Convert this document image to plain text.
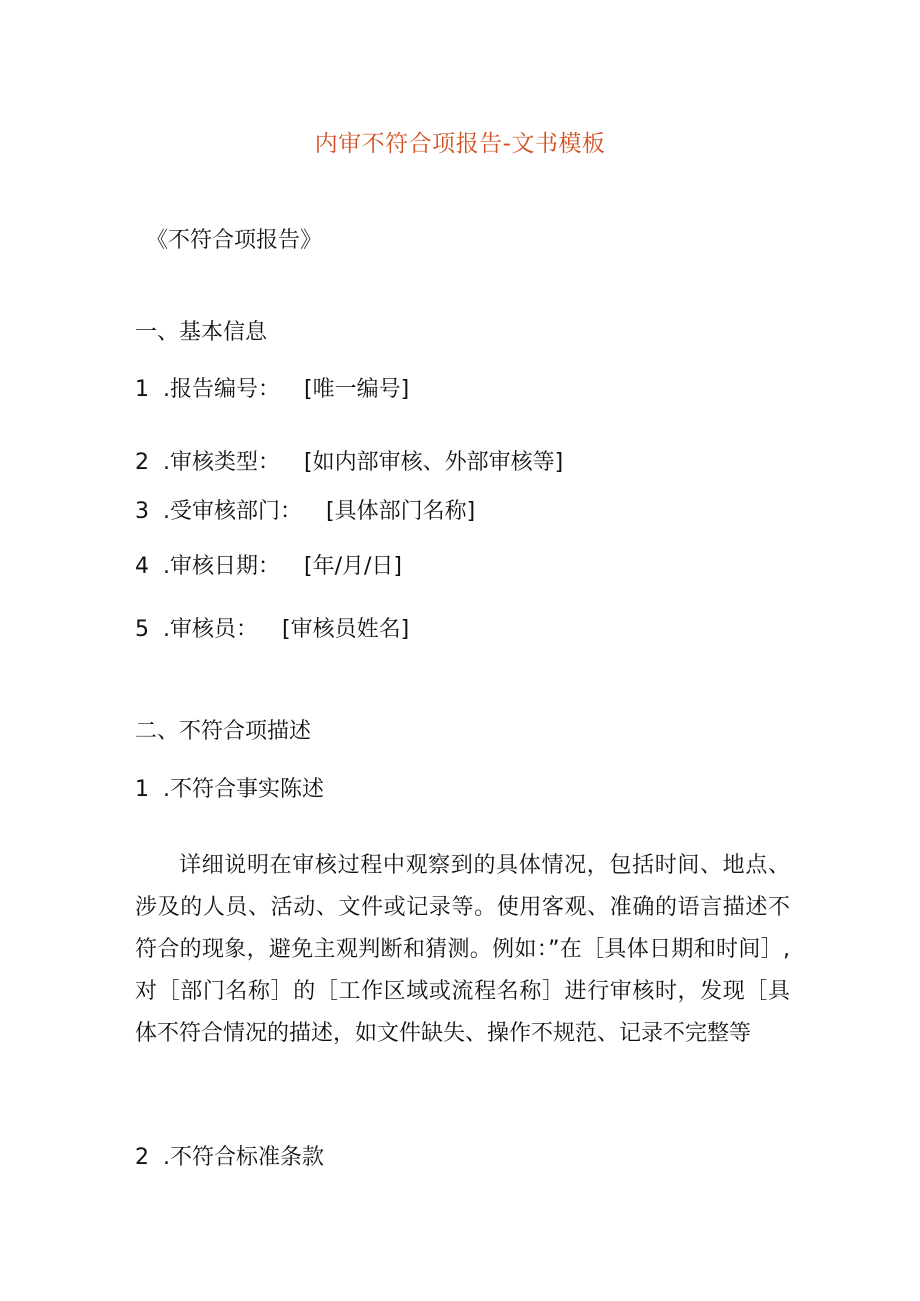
内审不符合项报告-文书模板
《不符合项报告》
一、基本信息
1 .报告编号： [唯一编号]
2 .审核类型： [如内部审核、外部审核等]
3 .受审核部门： [具体部门名称]
4 .审核日期： [年/月/日]
5 .审核员： [审核员姓名]
二、不符合项描述
1 .不符合事实陈述
详细说明在审核过程中观察到的具体情况，包括时间、地点、涉及的人员、活动、文件或记录等。使用客观、准确的语言描述不符合的现象，避免主观判断和猜测。例如：”在［具体日期和时间］,对［部门名称］的［工作区域或流程名称］进行审核时，发现［具体不符合情况的描述，如文件缺失、操作不规范、记录不完整等
2 .不符合标准条款
